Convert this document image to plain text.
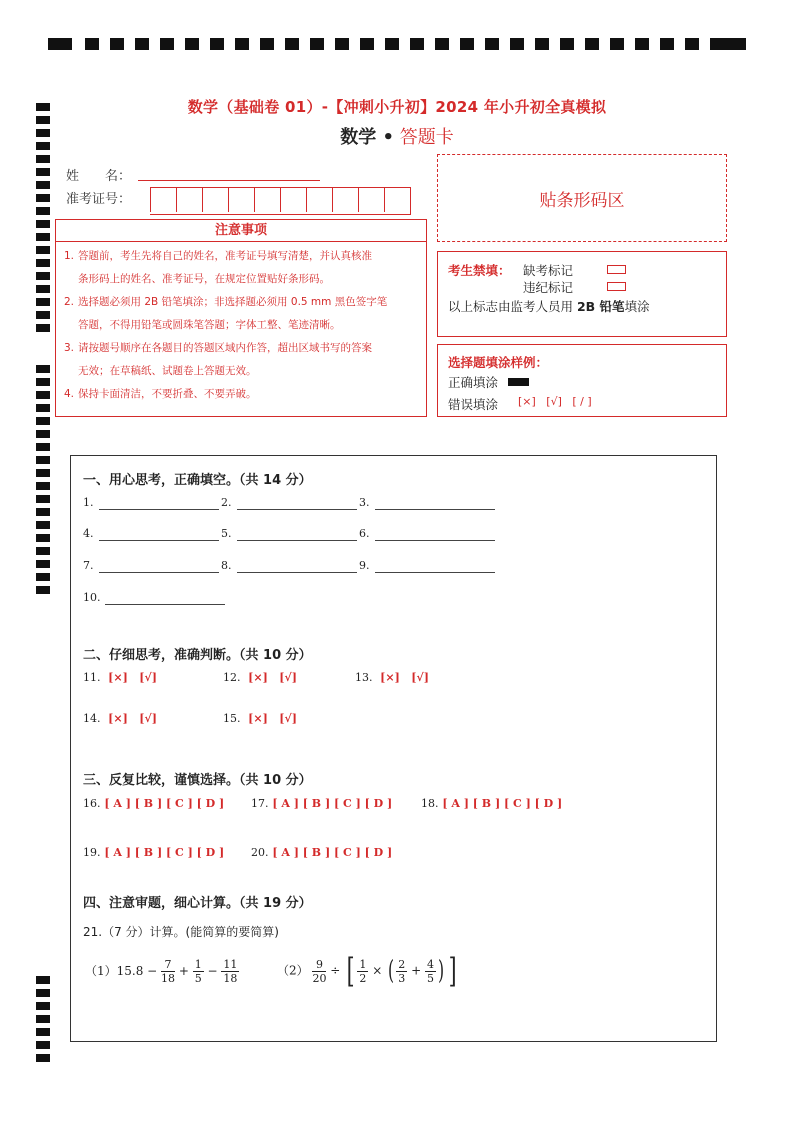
数学（基础卷 01）-【冲刺小升初】2024 年小升初全真模拟
数学 • 答题卡
姓　　名：
准考证号：	贴条形码区
注意事项
1. 答题前，考生先将自己的姓名，准考证号填写清楚，并认真核准
条形码上的姓名、准考证号，在规定位置贴好条形码。
2. 选择题必须用 2B 铅笔填涂；非选择题必须用 0.5 mm 黑色签字笔
答题，不得用铅笔或圆珠笔答题；字体工整、笔迹清晰。
3. 请按题号顺序在各题目的答题区域内作答，超出区域书写的答案
无效；在草稿纸、试题卷上答题无效。
4. 保持卡面清洁，不要折叠、不要弄破。
考生禁填： 缺考标记
违纪标记
以上标志由监考人员用 2B 铅笔填涂
选择题填涂样例：
正确填涂
错误填涂 [×]   [√]   [ / ]
一、用心思考，正确填空。（共 14 分）
1.	2.	3.
4.	5.	6.
7.	8.	9.
10.
二、仔细思考，准确判断。（共 10 分）
11. [×]   [√]	12. [×]   [√]	13. [×]   [√]
14. [×]   [√]	15. [×]   [√]
三、反复比较，谨慎选择。（共 10 分）
16. [ A ] [ B ] [ C ] [ D ] 17. [ A ] [ B ] [ C ] [ D ]	18. [ A ] [ B ] [ C ] [ D ]
19. [ A ] [ B ] [ C ] [ D ] 20. [ A ] [ B ] [ C ] [ D ]
四、注意审题，细心计算。（共 19 分）
21.（7 分）计算。(能简算的要简算)
$(1)15.8 - \frac{7}{18} + \frac{1}{5} - \frac{11}{18}$	$(2) \frac{9}{20}$ ÷ [ $\frac{1}{2}$ × ( $\frac{2}{3} + \frac{4}{5}$ ) ]
